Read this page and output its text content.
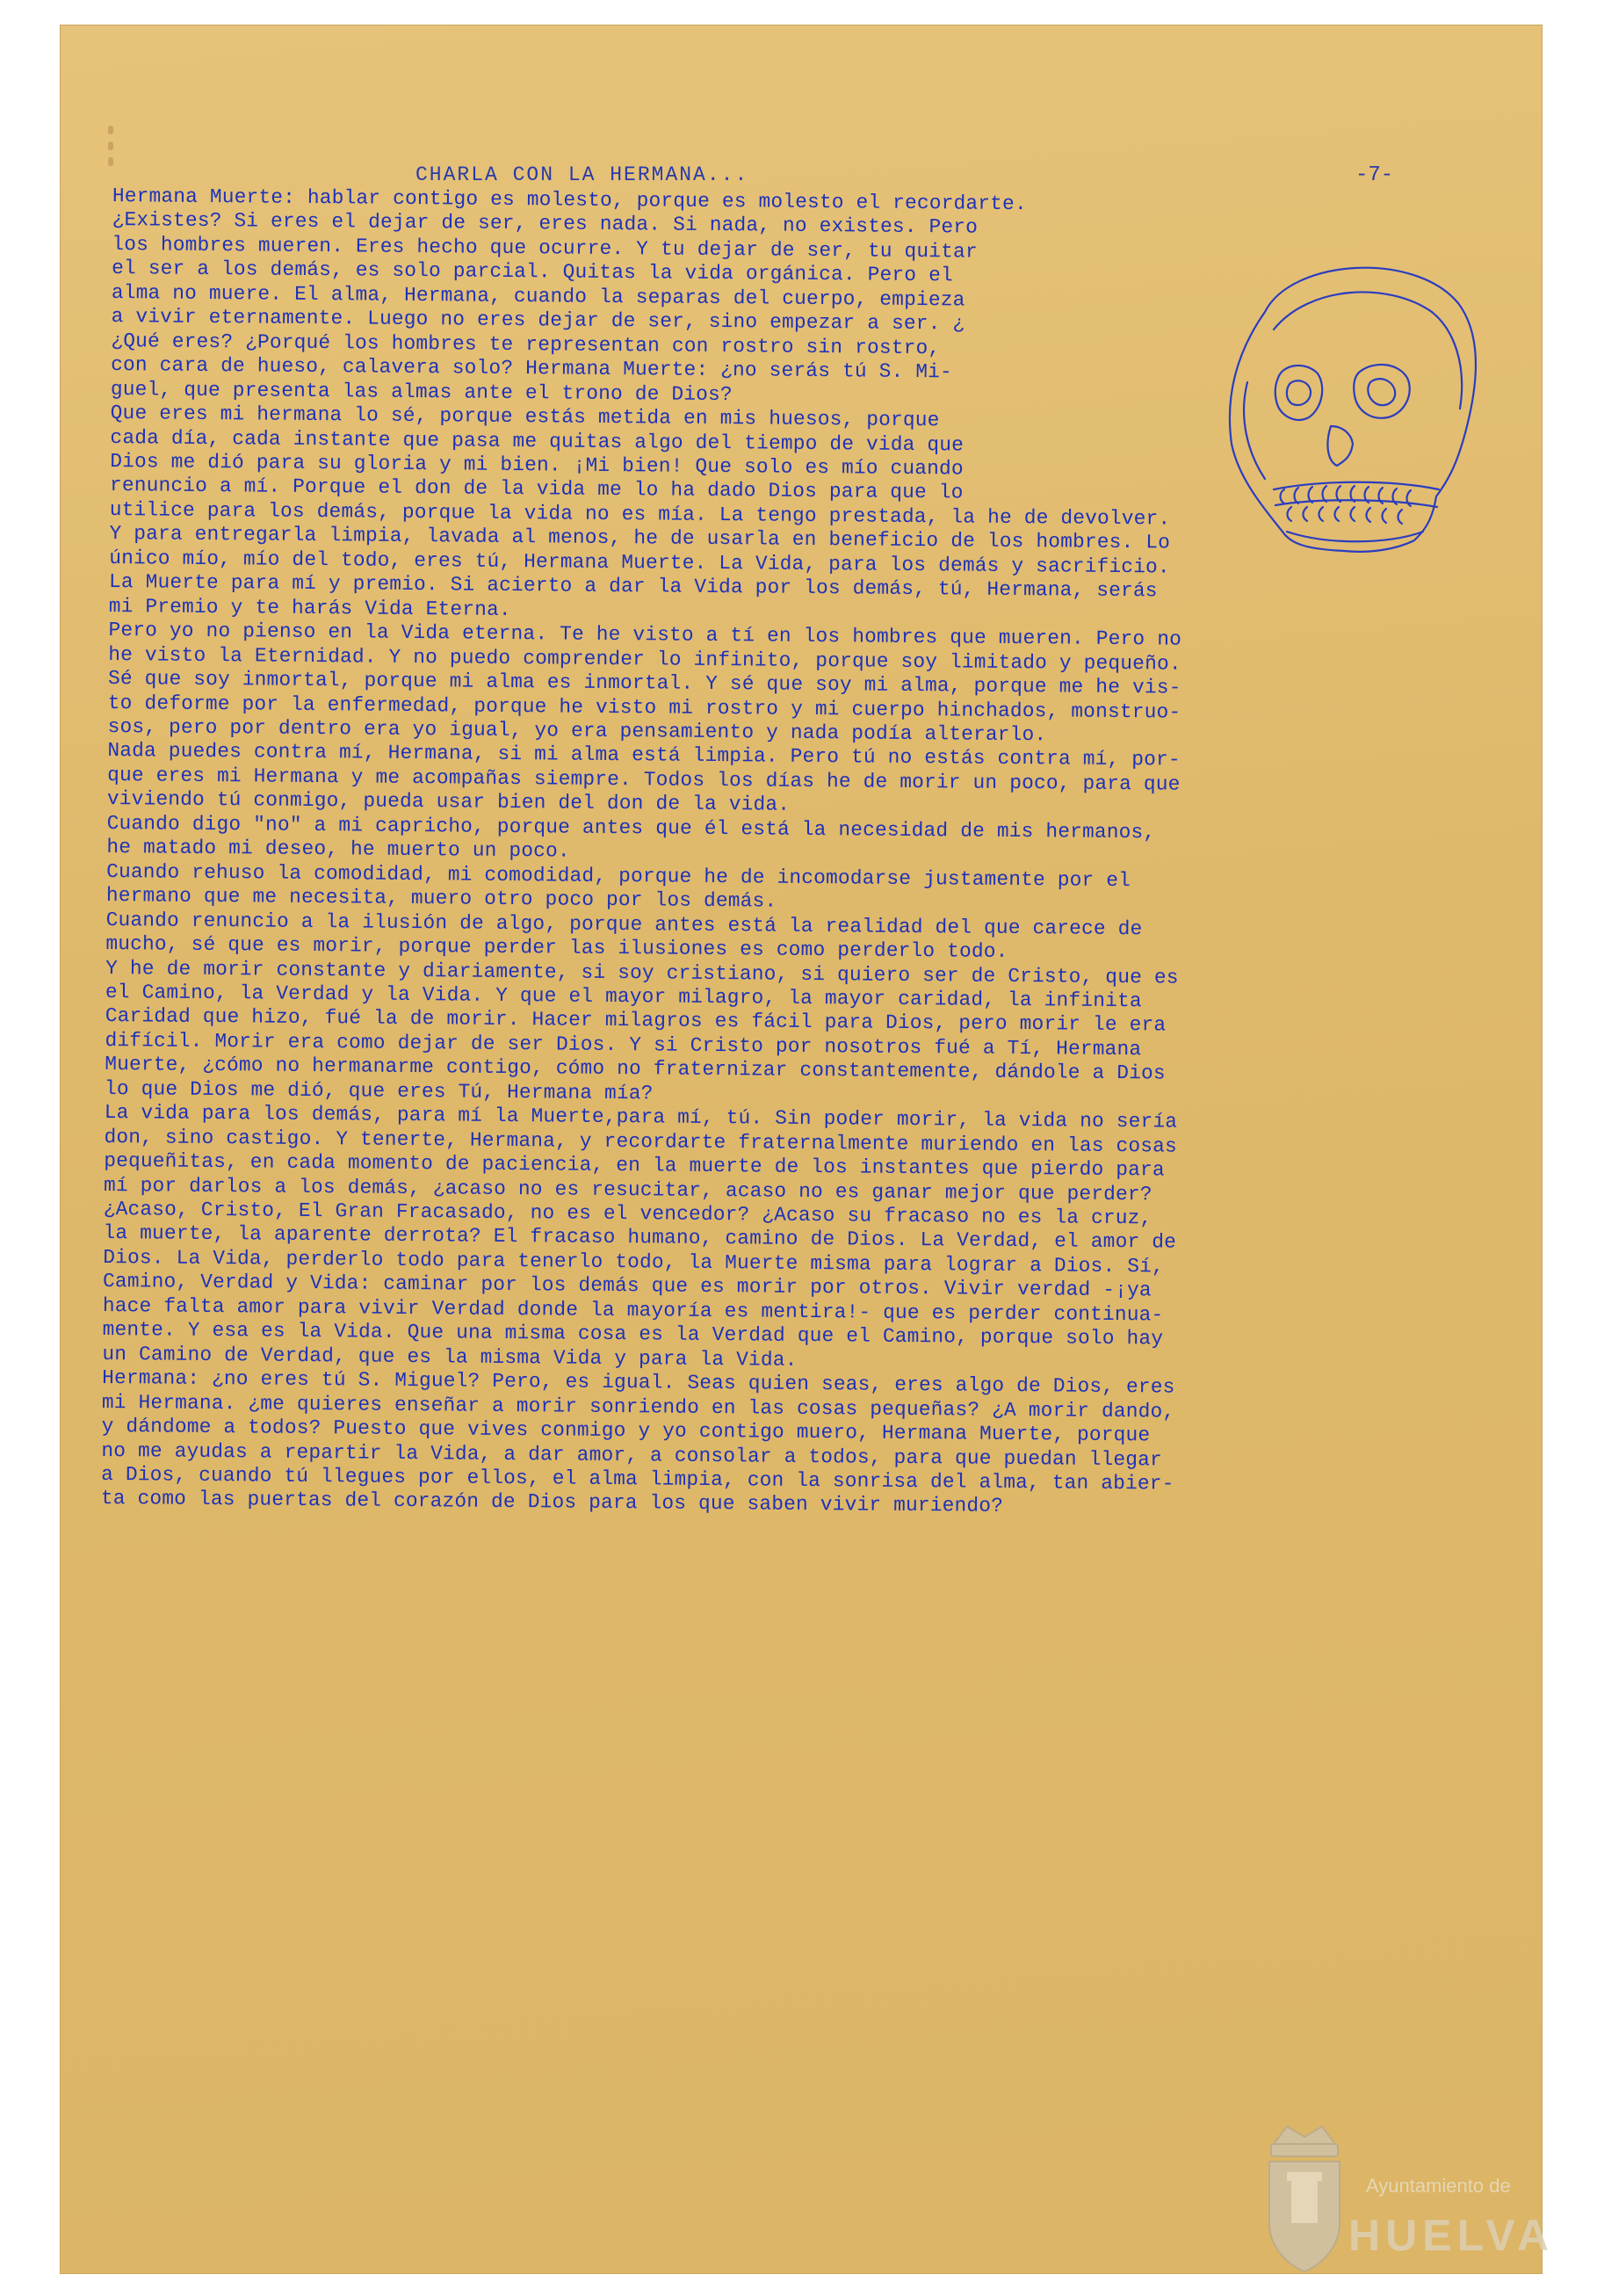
CHARLA CON LA HERMANA...	-7-
Hermana Muerte: hablar contigo es molesto, porque es molesto el recordarte.
¿Existes? Si eres el dejar de ser, eres nada. Si nada, no existes. Pero
los hombres mueren. Eres hecho que ocurre. Y tu dejar de ser, tu quitar
el ser a los demás, es solo parcial. Quitas la vida orgánica. Pero el
alma no muere. El alma, Hermana, cuando la separas del cuerpo, empieza
a vivir eternamente. Luego no eres dejar de ser, sino empezar a ser. ¿
¿Qué eres? ¿Porqué los hombres te representan con rostro sin rostro,
con cara de hueso, calavera solo? Hermana Muerte: ¿no serás tú S. Mi-
guel, que presenta las almas ante el trono de Dios?
Que eres mi hermana lo sé, porque estás metida en mis huesos, porque
cada día, cada instante que pasa me quitas algo del tiempo de vida que
Dios me dió para su gloria y mi bien. ¡Mi bien! Que solo es mío cuando
renuncio a mí. Porque el don de la vida me lo ha dado Dios para que lo
utilice para los demás, porque la vida no es mía. La tengo prestada, la he de devolver.
Y para entregarla limpia, lavada al menos, he de usarla en beneficio de los hombres. Lo
único mío, mío del todo, eres tú, Hermana Muerte. La Vida, para los demás y sacrificio.
La Muerte para mí y premio. Si acierto a dar la Vida por los demás, tú, Hermana, serás
mi Premio y te harás Vida Eterna.
Pero yo no pienso en la Vida eterna. Te he visto a tí en los hombres que mueren. Pero no
he visto la Eternidad. Y no puedo comprender lo infinito, porque soy limitado y pequeño.
Sé que soy inmortal, porque mi alma es inmortal. Y sé que soy mi alma, porque me he vis-
to deforme por la enfermedad, porque he visto mi rostro y mi cuerpo hinchados, monstruo-
sos, pero por dentro era yo igual, yo era pensamiento y nada podía alterarlo.
Nada puedes contra mí, Hermana, si mi alma está limpia. Pero tú no estás contra mí, por-
que eres mi Hermana y me acompañas siempre. Todos los días he de morir un poco, para que
viviendo tú conmigo, pueda usar bien del don de la vida.
Cuando digo "no" a mi capricho, porque antes que él está la necesidad de mis hermanos,
he matado mi deseo, he muerto un poco.
Cuando rehuso la comodidad, mi comodidad, porque he de incomodarse justamente por el
hermano que me necesita, muero otro poco por los demás.
Cuando renuncio a la ilusión de algo, porque antes está la realidad del que carece de
mucho, sé que es morir, porque perder las ilusiones es como perderlo todo.
Y he de morir constante y diariamente, si soy cristiano, si quiero ser de Cristo, que es
el Camino, la Verdad y la Vida. Y que el mayor milagro, la mayor caridad, la infinita
Caridad que hizo, fué la de morir. Hacer milagros es fácil para Dios, pero morir le era
difícil. Morir era como dejar de ser Dios. Y si Cristo por nosotros fué a Tí, Hermana
Muerte, ¿cómo no hermanarme contigo, cómo no fraternizar constantemente, dándole a Dios
lo que Dios me dió, que eres Tú, Hermana mía?
La vida para los demás, para mí la Muerte,para mí, tú. Sin poder morir, la vida no sería
don, sino castigo. Y tenerte, Hermana, y recordarte fraternalmente muriendo en las cosas
pequeñitas, en cada momento de paciencia, en la muerte de los instantes que pierdo para
mí por darlos a los demás, ¿acaso no es resucitar, acaso no es ganar mejor que perder?
¿Acaso, Cristo, El Gran Fracasado, no es el vencedor? ¿Acaso su fracaso no es la cruz,
la muerte, la aparente derrota? El fracaso humano, camino de Dios. La Verdad, el amor de
Dios. La Vida, perderlo todo para tenerlo todo, la Muerte misma para lograr a Dios. Sí,
Camino, Verdad y Vida: caminar por los demás que es morir por otros. Vivir verdad -¡ya
hace falta amor para vivir Verdad donde la mayoría es mentira!- que es perder continua-
mente. Y esa es la Vida. Que una misma cosa es la Verdad que el Camino, porque solo hay
un Camino de Verdad, que es la misma Vida y para la Vida.
Hermana: ¿no eres tú S. Miguel? Pero, es igual. Seas quien seas, eres algo de Dios, eres
mi Hermana. ¿me quieres enseñar a morir sonriendo en las cosas pequeñas? ¿A morir dando,
y dándome a todos? Puesto que vives conmigo y yo contigo muero, Hermana Muerte, porque
no me ayudas a repartir la Vida, a dar amor, a consolar a todos, para que puedan llegar
a Dios, cuando tú llegues por ellos, el alma limpia, con la sonrisa del alma, tan abier-
ta como las puertas del corazón de Dios para los que saben vivir muriendo?
Ayuntamiento de
HUELVA
